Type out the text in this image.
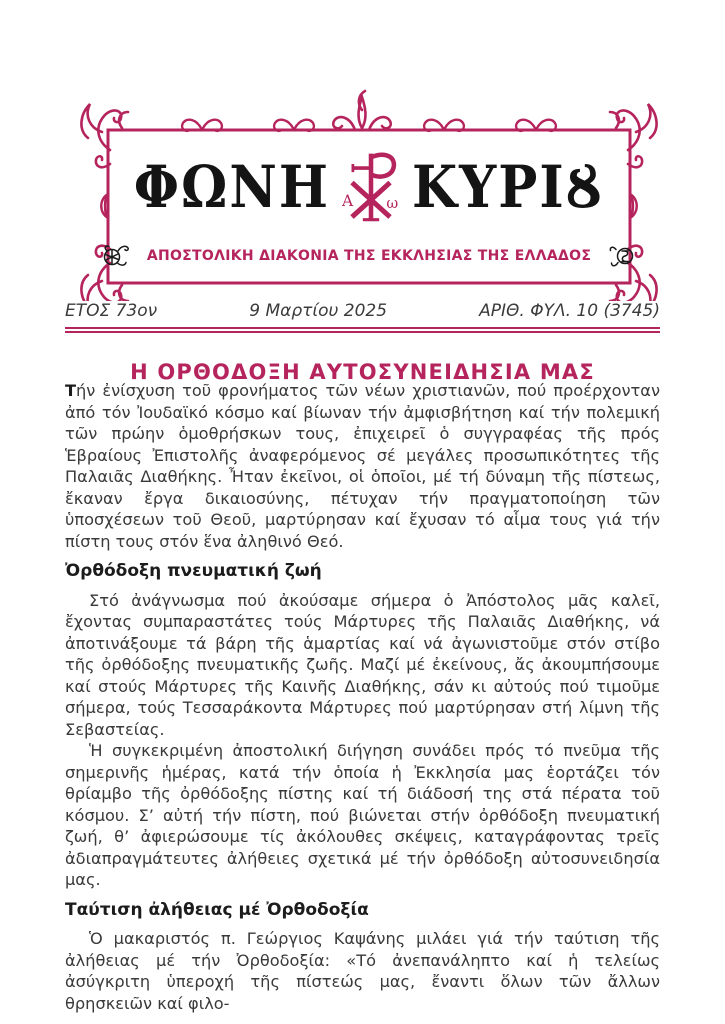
ΦΩΝΗ Α ω ΚΥΡΙȢ
ΑΠΟΣΤΟΛΙΚΗ ΔΙΑΚΟΝΙΑ ΤΗΣ ΕΚΚΛΗΣΙΑΣ ΤΗΣ ΕΛΛΑΔΟΣ
ΕΤΟΣ 73ον	9 Μαρτίου 2025	ΑΡΙΘ. ΦΥΛ. 10 (3745)
Η ΟΡΘΟΔΟΞΗ ΑΥΤΟΣΥΝΕΙΔΗΣΙΑ ΜΑΣ

Τήν ἐνίσχυση τοῦ φρονήματος τῶν νέων χριστιανῶν, πού προέρχονταν ἀπό τόν Ἰουδαϊκό κόσμο καί βίωναν τήν ἀμφισβήτηση καί τήν πολεμική τῶν πρώην ὁμοθρήσκων τους, ἐπιχειρεῖ ὁ συγγραφέας τῆς πρός Ἑβραίους Ἐπιστολῆς ἀναφερόμενος σέ μεγάλες προσωπικότητες τῆς Παλαιᾶς Διαθήκης. Ἦταν ἐκεῖνοι, οἱ ὁποῖοι, μέ τή δύναμη τῆς πίστεως, ἔκαναν ἔργα δικαιοσύνης, πέτυχαν τήν πραγματοποίηση τῶν ὑποσχέσεων τοῦ Θεοῦ, μαρτύρησαν καί ἔχυσαν τό αἷμα τους γιά τήν πίστη τους στόν ἕνα ἀληθινό Θεό.

Ὀρθόδοξη πνευματική ζωή

Στό ἀνάγνωσμα πού ἀκούσαμε σήμερα ὁ Ἀπόστολος μᾶς καλεῖ, ἔχοντας συμπαραστάτες τούς Μάρτυρες τῆς Παλαιᾶς Διαθήκης, νά ἀποτινάξουμε τά βάρη τῆς ἁμαρτίας καί νά ἀγωνιστοῦμε στόν στίβο τῆς ὀρθόδοξης πνευματικῆς ζωῆς. Μαζί μέ ἐκείνους, ἄς ἀκουμπήσουμε καί στούς Μάρτυρες τῆς Καινῆς Διαθήκης, σάν κι αὐτούς πού τιμοῦμε σήμερα, τούς Τεσσαράκοντα Μάρτυρες πού μαρτύρησαν στή λίμνη τῆς Σεβαστείας.

Ἡ συγκεκριμένη ἀποστολική διήγηση συνάδει πρός τό πνεῦμα τῆς σημερινῆς ἡμέρας, κατά τήν ὁποία ἡ Ἐκκλησία μας ἑορτάζει τόν θρίαμβο τῆς ὀρθόδοξης πίστης καί τή διάδοσή της στά πέρατα τοῦ κόσμου. Σ’ αὐτή τήν πίστη, πού βιώνεται στήν ὀρθόδοξη πνευματική ζωή, θ’ ἀφιερώσουμε τίς ἀκόλουθες σκέψεις, καταγράφοντας τρεῖς ἀδιαπραγμάτευτες ἀλήθειες σχετικά μέ τήν ὀρθόδοξη αὐτοσυνειδησία μας.

Ταύτιση ἀλήθειας μέ Ὀρθοδοξία

Ὁ μακαριστός π. Γεώργιος Καψάνης μιλάει γιά τήν ταύτιση τῆς ἀλήθειας μέ τήν Ὀρθοδοξία: «Τό ἀνεπανάληπτο καί ἡ τελείως ἀσύγκριτη ὑπεροχή τῆς πίστεώς μας, ἔναντι ὅλων τῶν ἄλλων θρησκειῶν καί φιλο-
